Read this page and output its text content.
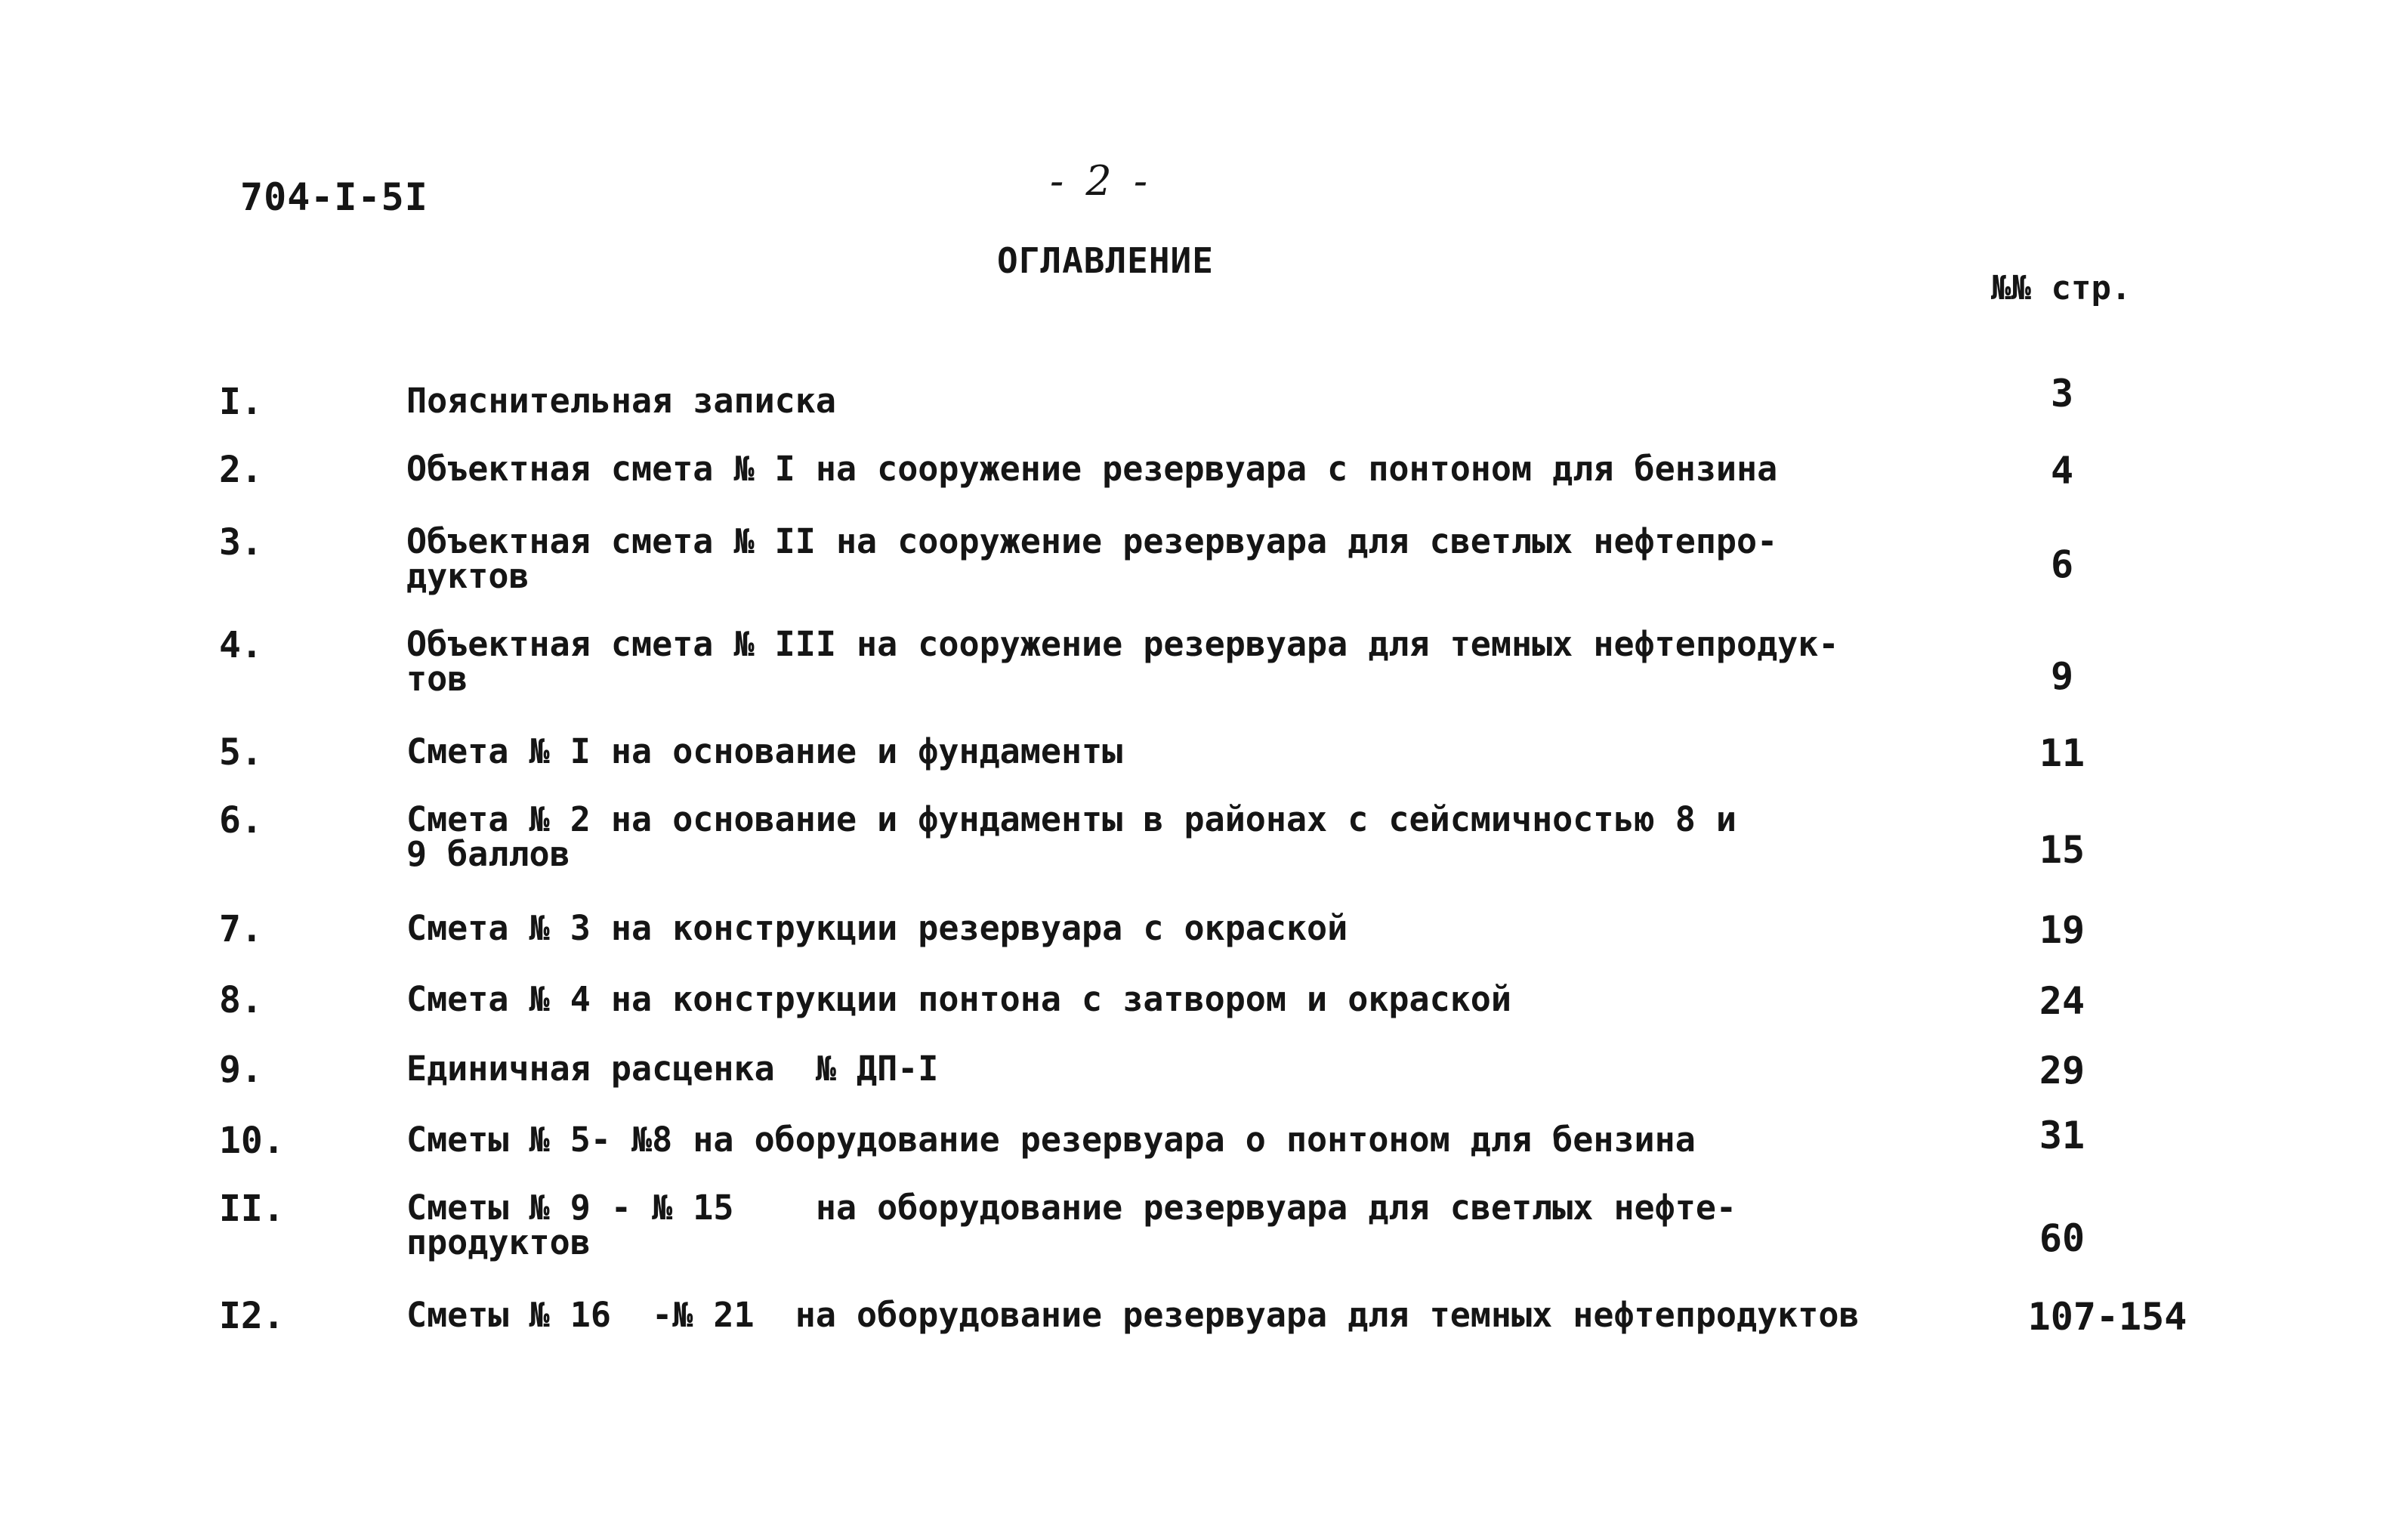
704-I-5I	- 2 -
ОГЛАВЛЕНИЕ
№№ стр.
I.	Пояснительная записка	3
2.	Объектная смета № I на сооружение резервуара с понтоном для бензина	4
3.	Объектная смета № II на сооружение резервуара для светлых нефтепро-
дуктов	6
4.	Объектная смета № III на сооружение резервуара для темных нефтепродук-
тов	9
5.	Смета № I на основание и фундаменты	11
6.	Смета № 2 на основание и фундаменты в районах с сейсмичностью 8 и
9 баллов	15
7.	Смета № 3 на конструкции резервуара с окраской	19
8.	Смета № 4 на конструкции понтона с затвором и окраской	24
9.	Единичная расценка  № ДП-I	29
10.	Сметы № 5- №8 на оборудование резервуара о понтоном для бензина	31
II.	Сметы № 9 - № 15    на оборудование резервуара для светлых нефте-
продуктов	60
I2.	Сметы № 16  -№ 21  на оборудование резервуара для темных нефтепродуктов	107-154
